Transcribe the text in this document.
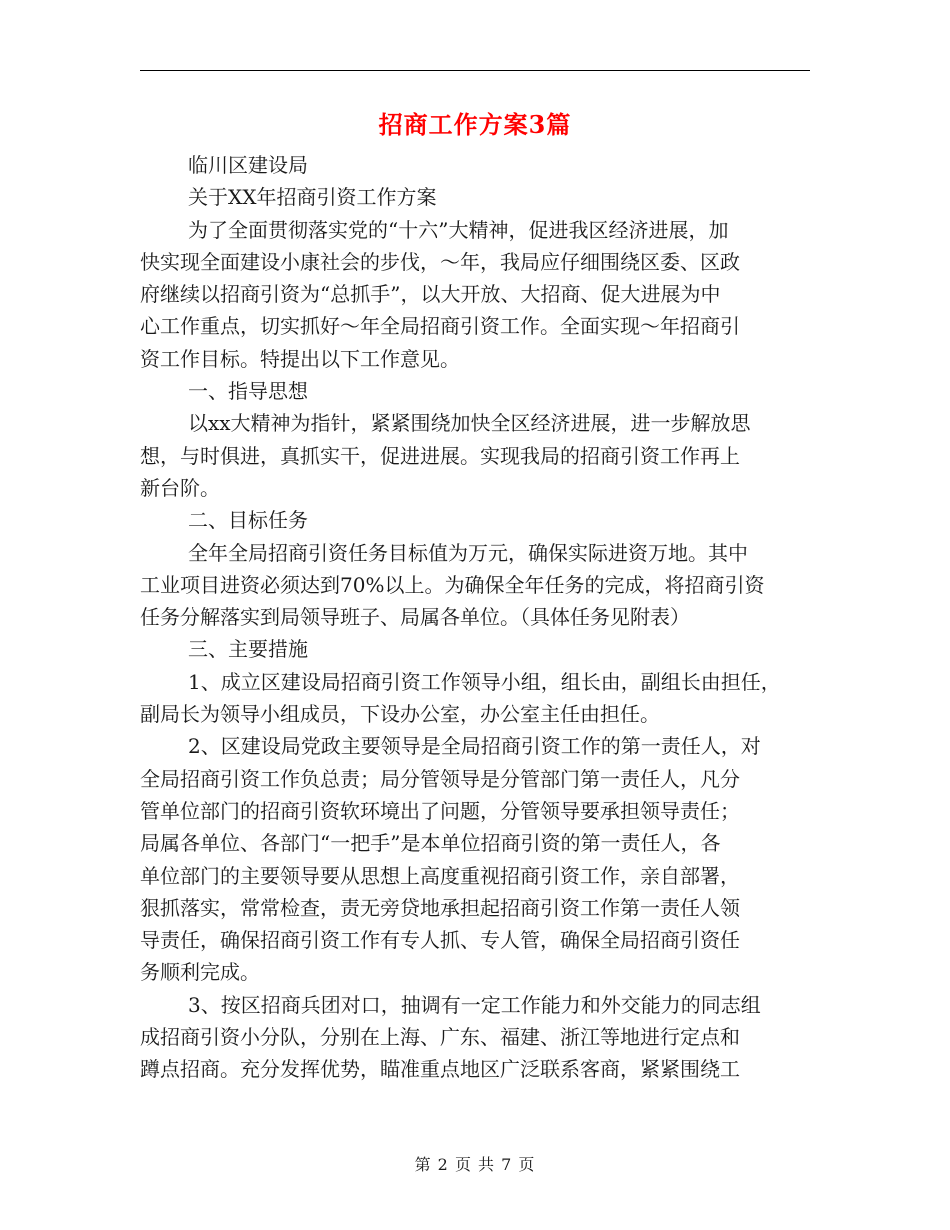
招商工作方案3篇
临川区建设局
关于XX年招商引资工作方案
为了全面贯彻落实党的“十六”大精神，促进我区经济进展，加
快实现全面建设小康社会的步伐，～年，我局应仔细围绕区委、区政
府继续以招商引资为“总抓手”，以大开放、大招商、促大进展为中
心工作重点，切实抓好～年全局招商引资工作。全面实现～年招商引
资工作目标。特提出以下工作意见。
一、指导思想
以xx大精神为指针，紧紧围绕加快全区经济进展，进一步解放思
想，与时俱进，真抓实干，促进进展。实现我局的招商引资工作再上
新台阶。
二、目标任务
全年全局招商引资任务目标值为万元，确保实际进资万地。其中
工业项目进资必须达到70%以上。为确保全年任务的完成，将招商引资
任务分解落实到局领导班子、局属各单位。（具体任务见附表）
三、主要措施
1、成立区建设局招商引资工作领导小组，组长由，副组长由担任，
副局长为领导小组成员，下设办公室，办公室主任由担任。
2、区建设局党政主要领导是全局招商引资工作的第一责任人，对
全局招商引资工作负总责；局分管领导是分管部门第一责任人，凡分
管单位部门的招商引资软环境出了问题，分管领导要承担领导责任；
局属各单位、各部门“一把手”是本单位招商引资的第一责任人，各
单位部门的主要领导要从思想上高度重视招商引资工作，亲自部署，
狠抓落实，常常检查，责无旁贷地承担起招商引资工作第一责任人领
导责任，确保招商引资工作有专人抓、专人管，确保全局招商引资任
务顺利完成。
3、按区招商兵团对口，抽调有一定工作能力和外交能力的同志组
成招商引资小分队，分别在上海、广东、福建、浙江等地进行定点和
蹲点招商。充分发挥优势，瞄准重点地区广泛联系客商，紧紧围绕工
第 2 页 共 7 页
